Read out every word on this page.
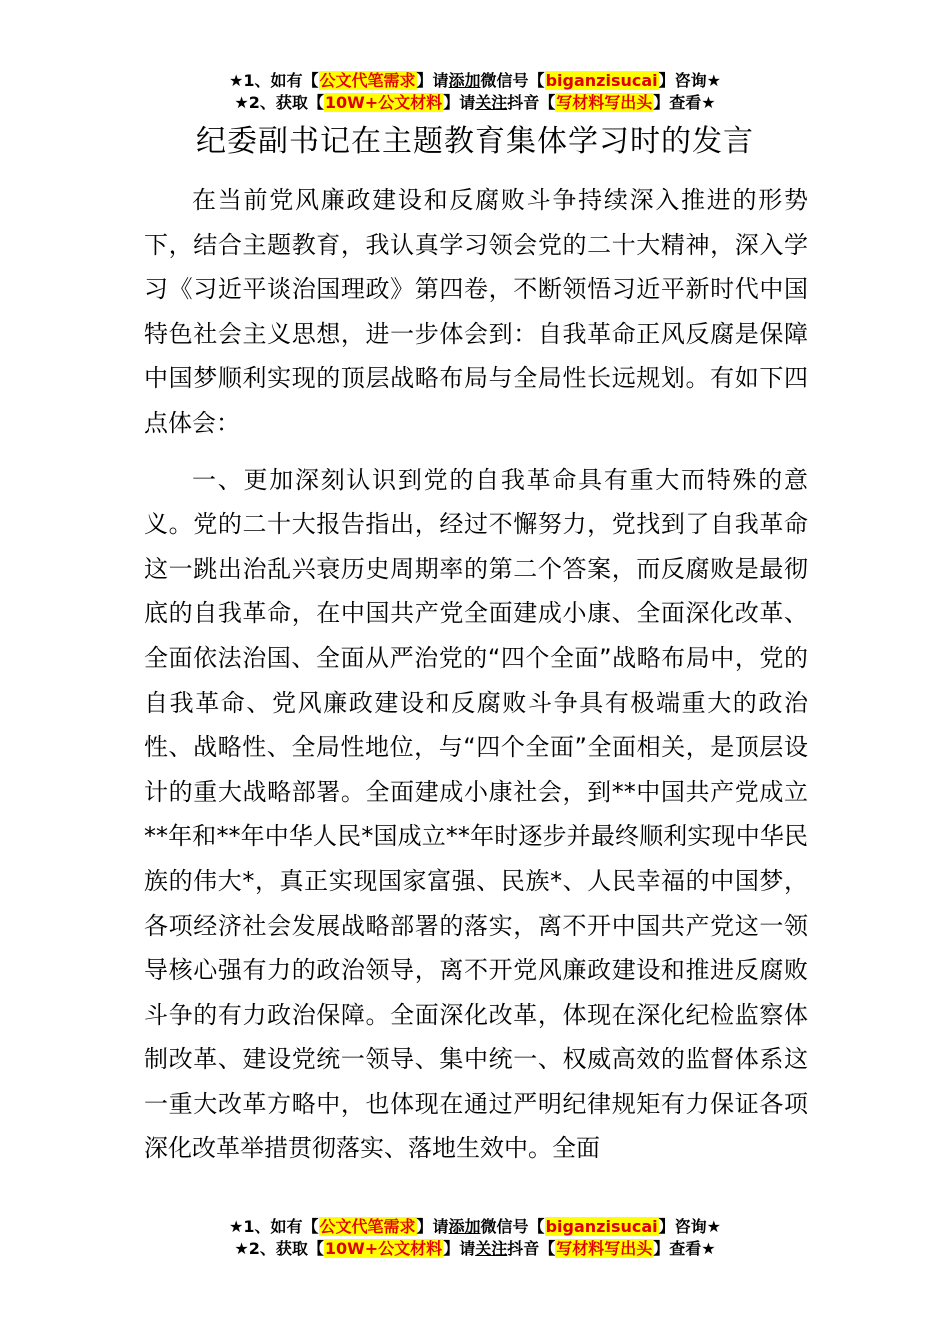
★1、如有【公文代笔需求】请添加微信号【biganzisucai】咨询★
★2、获取【10W+公文材料】请关注抖音【写材料写出头】查看★
纪委副书记在主题教育集体学习时的发言

在当前党风廉政建设和反腐败斗争持续深入推进的形势下，结合主题教育，我认真学习领会党的二十大精神，深入学习《习近平谈治国理政》第四卷，不断领悟习近平新时代中国特色社会主义思想，进一步体会到：自我革命正风反腐是保障中国梦顺利实现的顶层战略布局与全局性长远规划。有如下四点体会：

一、更加深刻认识到党的自我革命具有重大而特殊的意义。党的二十大报告指出，经过不懈努力，党找到了自我革命这一跳出治乱兴衰历史周期率的第二个答案，而反腐败是最彻底的自我革命，在中国共产党全面建成小康、全面深化改革、全面依法治国、全面从严治党的“四个全面”战略布局中，党的自我革命、党风廉政建设和反腐败斗争具有极端重大的政治性、战略性、全局性地位，与“四个全面”全面相关，是顶层设计的重大战略部署。全面建成小康社会，到**中国共产党成立**年和**年中华人民*国成立**年时逐步并最终顺利实现中华民族的伟大*，真正实现国家富强、民族*、人民幸福的中国梦，各项经济社会发展战略部署的落实，离不开中国共产党这一领导核心强有力的政治领导，离不开党风廉政建设和推进反腐败斗争的有力政治保障。全面深化改革，体现在深化纪检监察体制改革、建设党统一领导、集中统一、权威高效的监督体系这一重大改革方略中，也体现在通过严明纪律规矩有力保证各项深化改革举措贯彻落实、落地生效中。全面

★1、如有【公文代笔需求】请添加微信号【biganzisucai】咨询★
★2、获取【10W+公文材料】请关注抖音【写材料写出头】查看★
